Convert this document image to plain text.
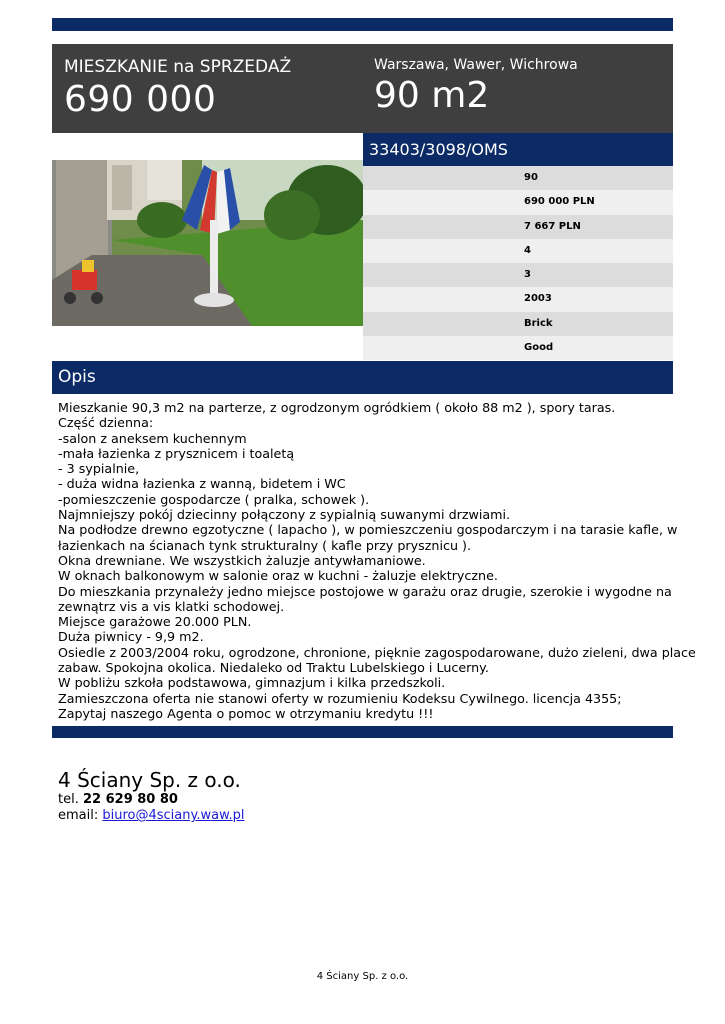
MIESZKANIE na SPRZEDAŻ
690 000
Warszawa, Wawer, Wichrowa
90 m2
33403/3098/OMS
90
690 000 PLN
7 667 PLN
4
3
2003
Brick
Good
Opis
Mieszkanie 90,3 m2 na parterze, z ogrodzonym ogródkiem ( około 88 m2 ), spory taras.
Część dzienna:
-salon z aneksem kuchennym
-mała łazienka z prysznicem i toaletą
- 3 sypialnie,
- duża widna łazienka z wanną, bidetem i WC
-pomieszczenie gospodarcze ( pralka, schowek ).
Najmniejszy pokój dziecinny połączony z sypialnią suwanymi drzwiami.
Na podłodze drewno egzotyczne ( lapacho ), w pomieszczeniu gospodarczym i na tarasie kafle, w
łazienkach na ścianach tynk strukturalny ( kafle przy prysznicu ).
Okna drewniane. We wszystkich żaluzje antywłamaniowe.
W oknach balkonowym w salonie oraz w kuchni - żaluzje elektryczne.
Do mieszkania przynależy jedno miejsce postojowe w garażu oraz drugie, szerokie i wygodne na
zewnątrz vis a vis klatki schodowej.
Miejsce garażowe 20.000 PLN.
Duża piwnicy - 9,9 m2.
Osiedle z 2003/2004 roku, ogrodzone, chronione, pięknie zagospodarowane, dużo zieleni, dwa place
zabaw. Spokojna okolica. Niedaleko od Traktu Lubelskiego i Lucerny.
W pobliżu szkoła podstawowa, gimnazjum i kilka przedszkoli.
Zamieszczona oferta nie stanowi oferty w rozumieniu Kodeksu Cywilnego. licencja 4355;
Zapytaj naszego Agenta o pomoc w otrzymaniu kredytu !!!
4 Ściany Sp. z o.o.
tel. 22 629 80 80
email: biuro@4sciany.waw.pl
4 Ściany Sp. z o.o.
